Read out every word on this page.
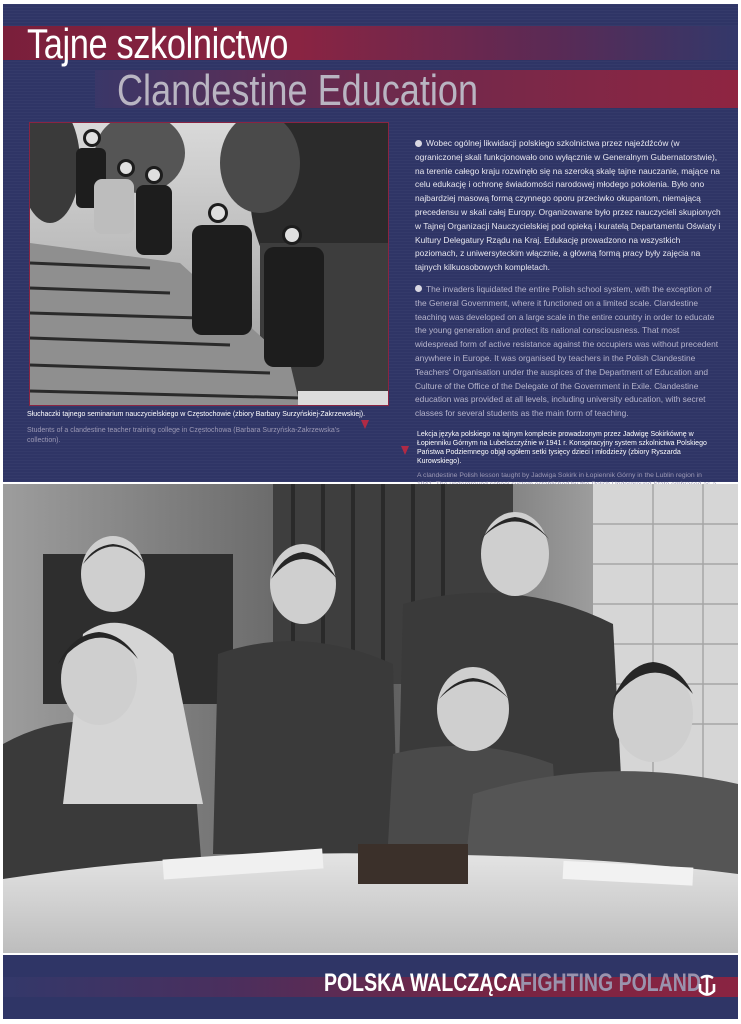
Tajne szkolnictwo
Clandestine Education

Słuchaczki tajnego seminarium nauczycielskiego w Częstochowie (zbiory Barbary Surzyńskiej-Zakrzewskiej).

Students of a clandestine teacher training college in Częstochowa (Barbara Surzyńska-Zakrzewska's collection).

Wobec ogólnej likwidacji polskiego szkolnictwa przez najeźdźców (w ograniczonej skali funkcjonowało ono wyłącznie w Generalnym Gubernatorstwie), na terenie całego kraju rozwinęło się na szeroką skalę tajne nauczanie, mające na celu edukację i ochronę świadomości narodowej młodego pokolenia. Było ono najbardziej masową formą czynnego oporu przeciwko okupantom, niemającą precedensu w skali całej Europy. Organizowane było przez nauczycieli skupionych w Tajnej Organizacji Nauczycielskiej pod opieką i kuratelą Departamentu Oświaty i Kultury Delegatury Rządu na Kraj. Edukację prowadzono na wszystkich poziomach, z uniwersyteckim włącznie, a główną formą pracy były zajęcia na tajnych kilkuosobowych kompletach.

The invaders liquidated the entire Polish school system, with the exception of the General Government, where it functioned on a limited scale. Clandestine teaching was developed on a large scale in the entire country in order to educate the young generation and protect its national consciousness. That most widespread form of active resistance against the occupiers was without precedent anywhere in Europe. It was organised by teachers in the Polish Clandestine Teachers' Organisation under the auspices of the Department of Education and Culture of the Office of the Delegate of the Government in Exile. Clandestine education was provided at all levels, including university education, with secret classes for several students as the main form of teaching.

Lekcja języka polskiego na tajnym komplecie prowadzonym przez Jadwigę Sokirkównę w Łopienniku Górnym na Lubelszczyźnie w 1941 r. Konspiracyjny system szkolnictwa Polskiego Państwa Podziemnego objął ogółem setki tysięcy dzieci i młodzieży (zbiory Ryszarda Kurowskiego).

A clandestine Polish lesson taught by Jadwiga Sokirk in Łopiennik Górny in the Lublin region in

POLSKA WALCZĄCA

FIGHTING POLAND
